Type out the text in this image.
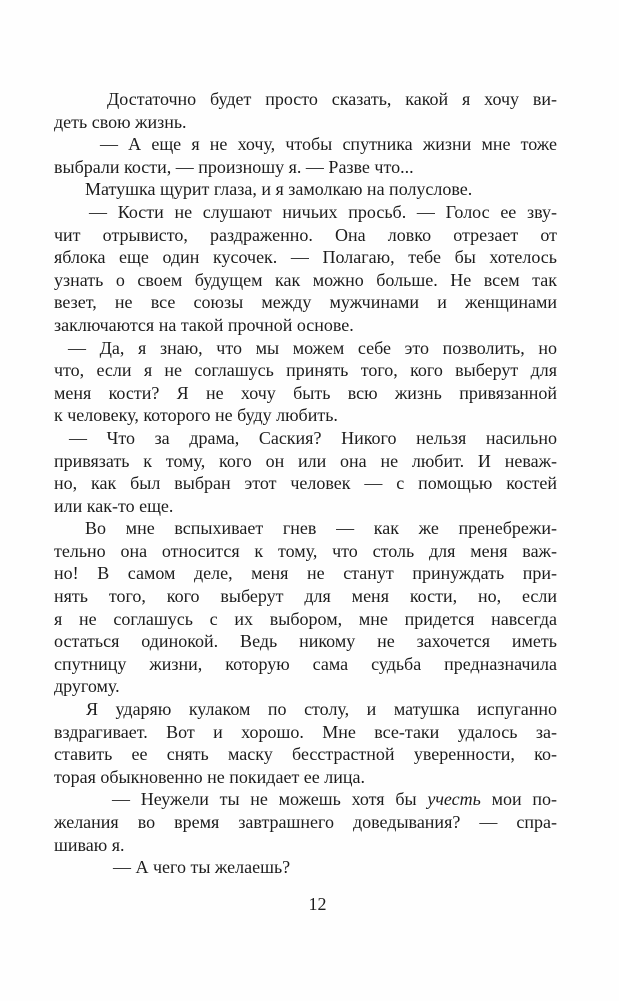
Достаточно будет просто сказать, какой я хочу ви-
деть свою жизнь.
— А еще я не хочу, чтобы спутника жизни мне тоже
выбрали кости, — произношу я. — Разве что...
Матушка щурит глаза, и я замолкаю на полуслове.
— Кости не слушают ничьих просьб. — Голос ее зву-
чит отрывисто, раздраженно. Она ловко отрезает от
яблока еще один кусочек. — Полагаю, тебе бы хотелось
узнать о своем будущем как можно больше. Не всем так
везет, не все союзы между мужчинами и женщинами
заключаются на такой прочной основе.
— Да, я знаю, что мы можем себе это позволить, но
что, если я не соглашусь принять того, кого выберут для
меня кости? Я не хочу быть всю жизнь привязанной
к человеку, которого не буду любить.
— Что за драма, Саския? Никого нельзя насильно
привязать к тому, кого он или она не любит. И неваж-
но, как был выбран этот человек — с помощью костей
или как-то еще.
Во мне вспыхивает гнев — как же пренебрежи-
тельно она относится к тому, что столь для меня важ-
но! В самом деле, меня не станут принуждать при-
нять того, кого выберут для меня кости, но, если
я не соглашусь с их выбором, мне придется навсегда
остаться одинокой. Ведь никому не захочется иметь
спутницу жизни, которую сама судьба предназначила
другому.
Я ударяю кулаком по столу, и матушка испуганно
вздрагивает. Вот и хорошо. Мне все-таки удалось за-
ставить ее снять маску бесстрастной уверенности, ко-
торая обыкновенно не покидает ее лица.
— Неужели ты не можешь хотя бы учесть мои по-
желания во время завтрашнего доведывания? — спра-
шиваю я.
— А чего ты желаешь?
12
